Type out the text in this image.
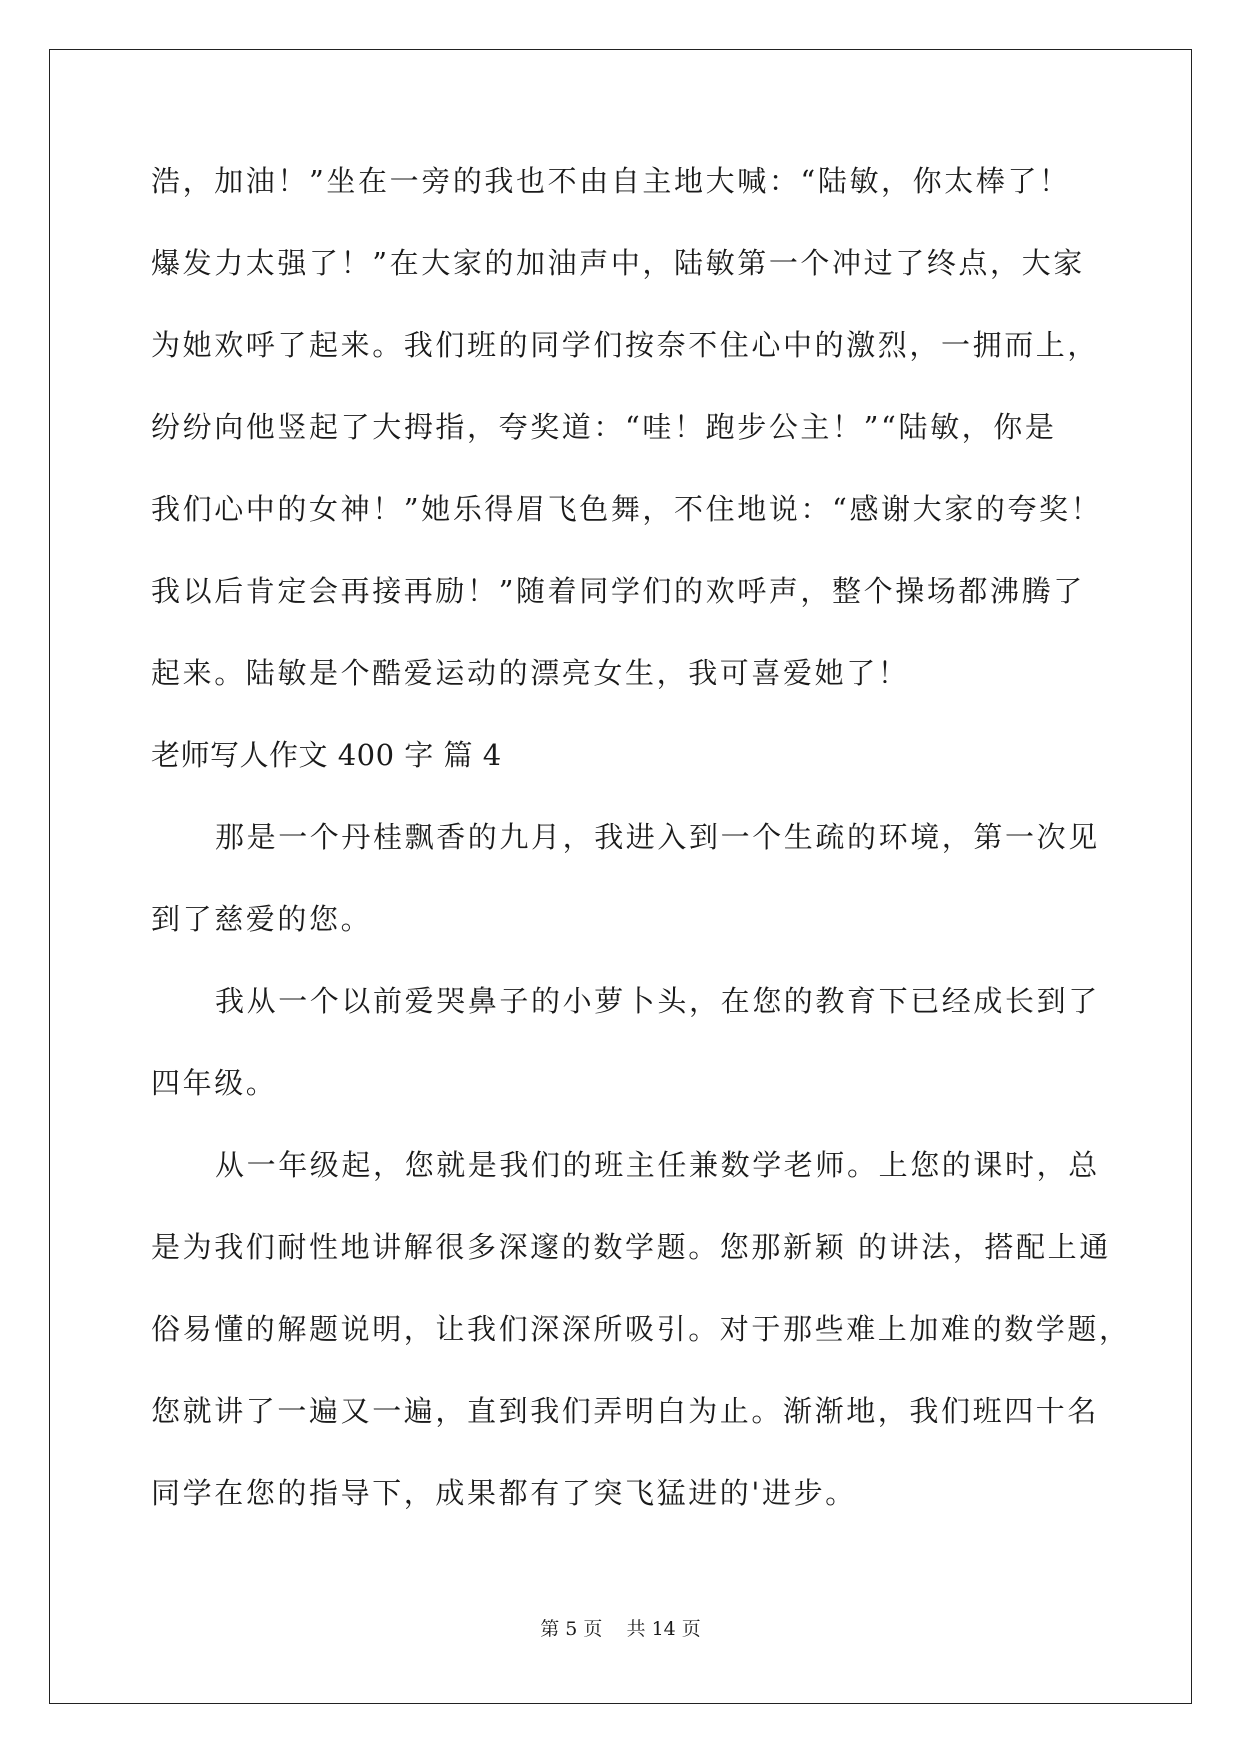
浩，加油！”坐在一旁的我也不由自主地大喊：“陆敏，你太棒了！
爆发力太强了！”在大家的加油声中，陆敏第一个冲过了终点，大家
为她欢呼了起来。我们班的同学们按奈不住心中的激烈，一拥而上，
纷纷向他竖起了大拇指，夸奖道：“哇！跑步公主！”“陆敏，你是
我们心中的女神！”她乐得眉飞色舞，不住地说：“感谢大家的夸奖！
我以后肯定会再接再励！”随着同学们的欢呼声，整个操场都沸腾了
起来。陆敏是个酷爱运动的漂亮女生，我可喜爱她了！
老师写人作文 400 字 篇 4
那是一个丹桂飘香的九月，我进入到一个生疏的环境，第一次见
到了慈爱的您。
我从一个以前爱哭鼻子的小萝卜头，在您的教育下已经成长到了
四年级。
从一年级起，您就是我们的班主任兼数学老师。上您的课时，总
是为我们耐性地讲解很多深邃的数学题。您那新颖 的讲法，搭配上通
俗易懂的解题说明，让我们深深所吸引。对于那些难上加难的数学题，
您就讲了一遍又一遍，直到我们弄明白为止。渐渐地，我们班四十名
同学在您的指导下，成果都有了突飞猛进的'进步。
第 5 页    共 14 页
